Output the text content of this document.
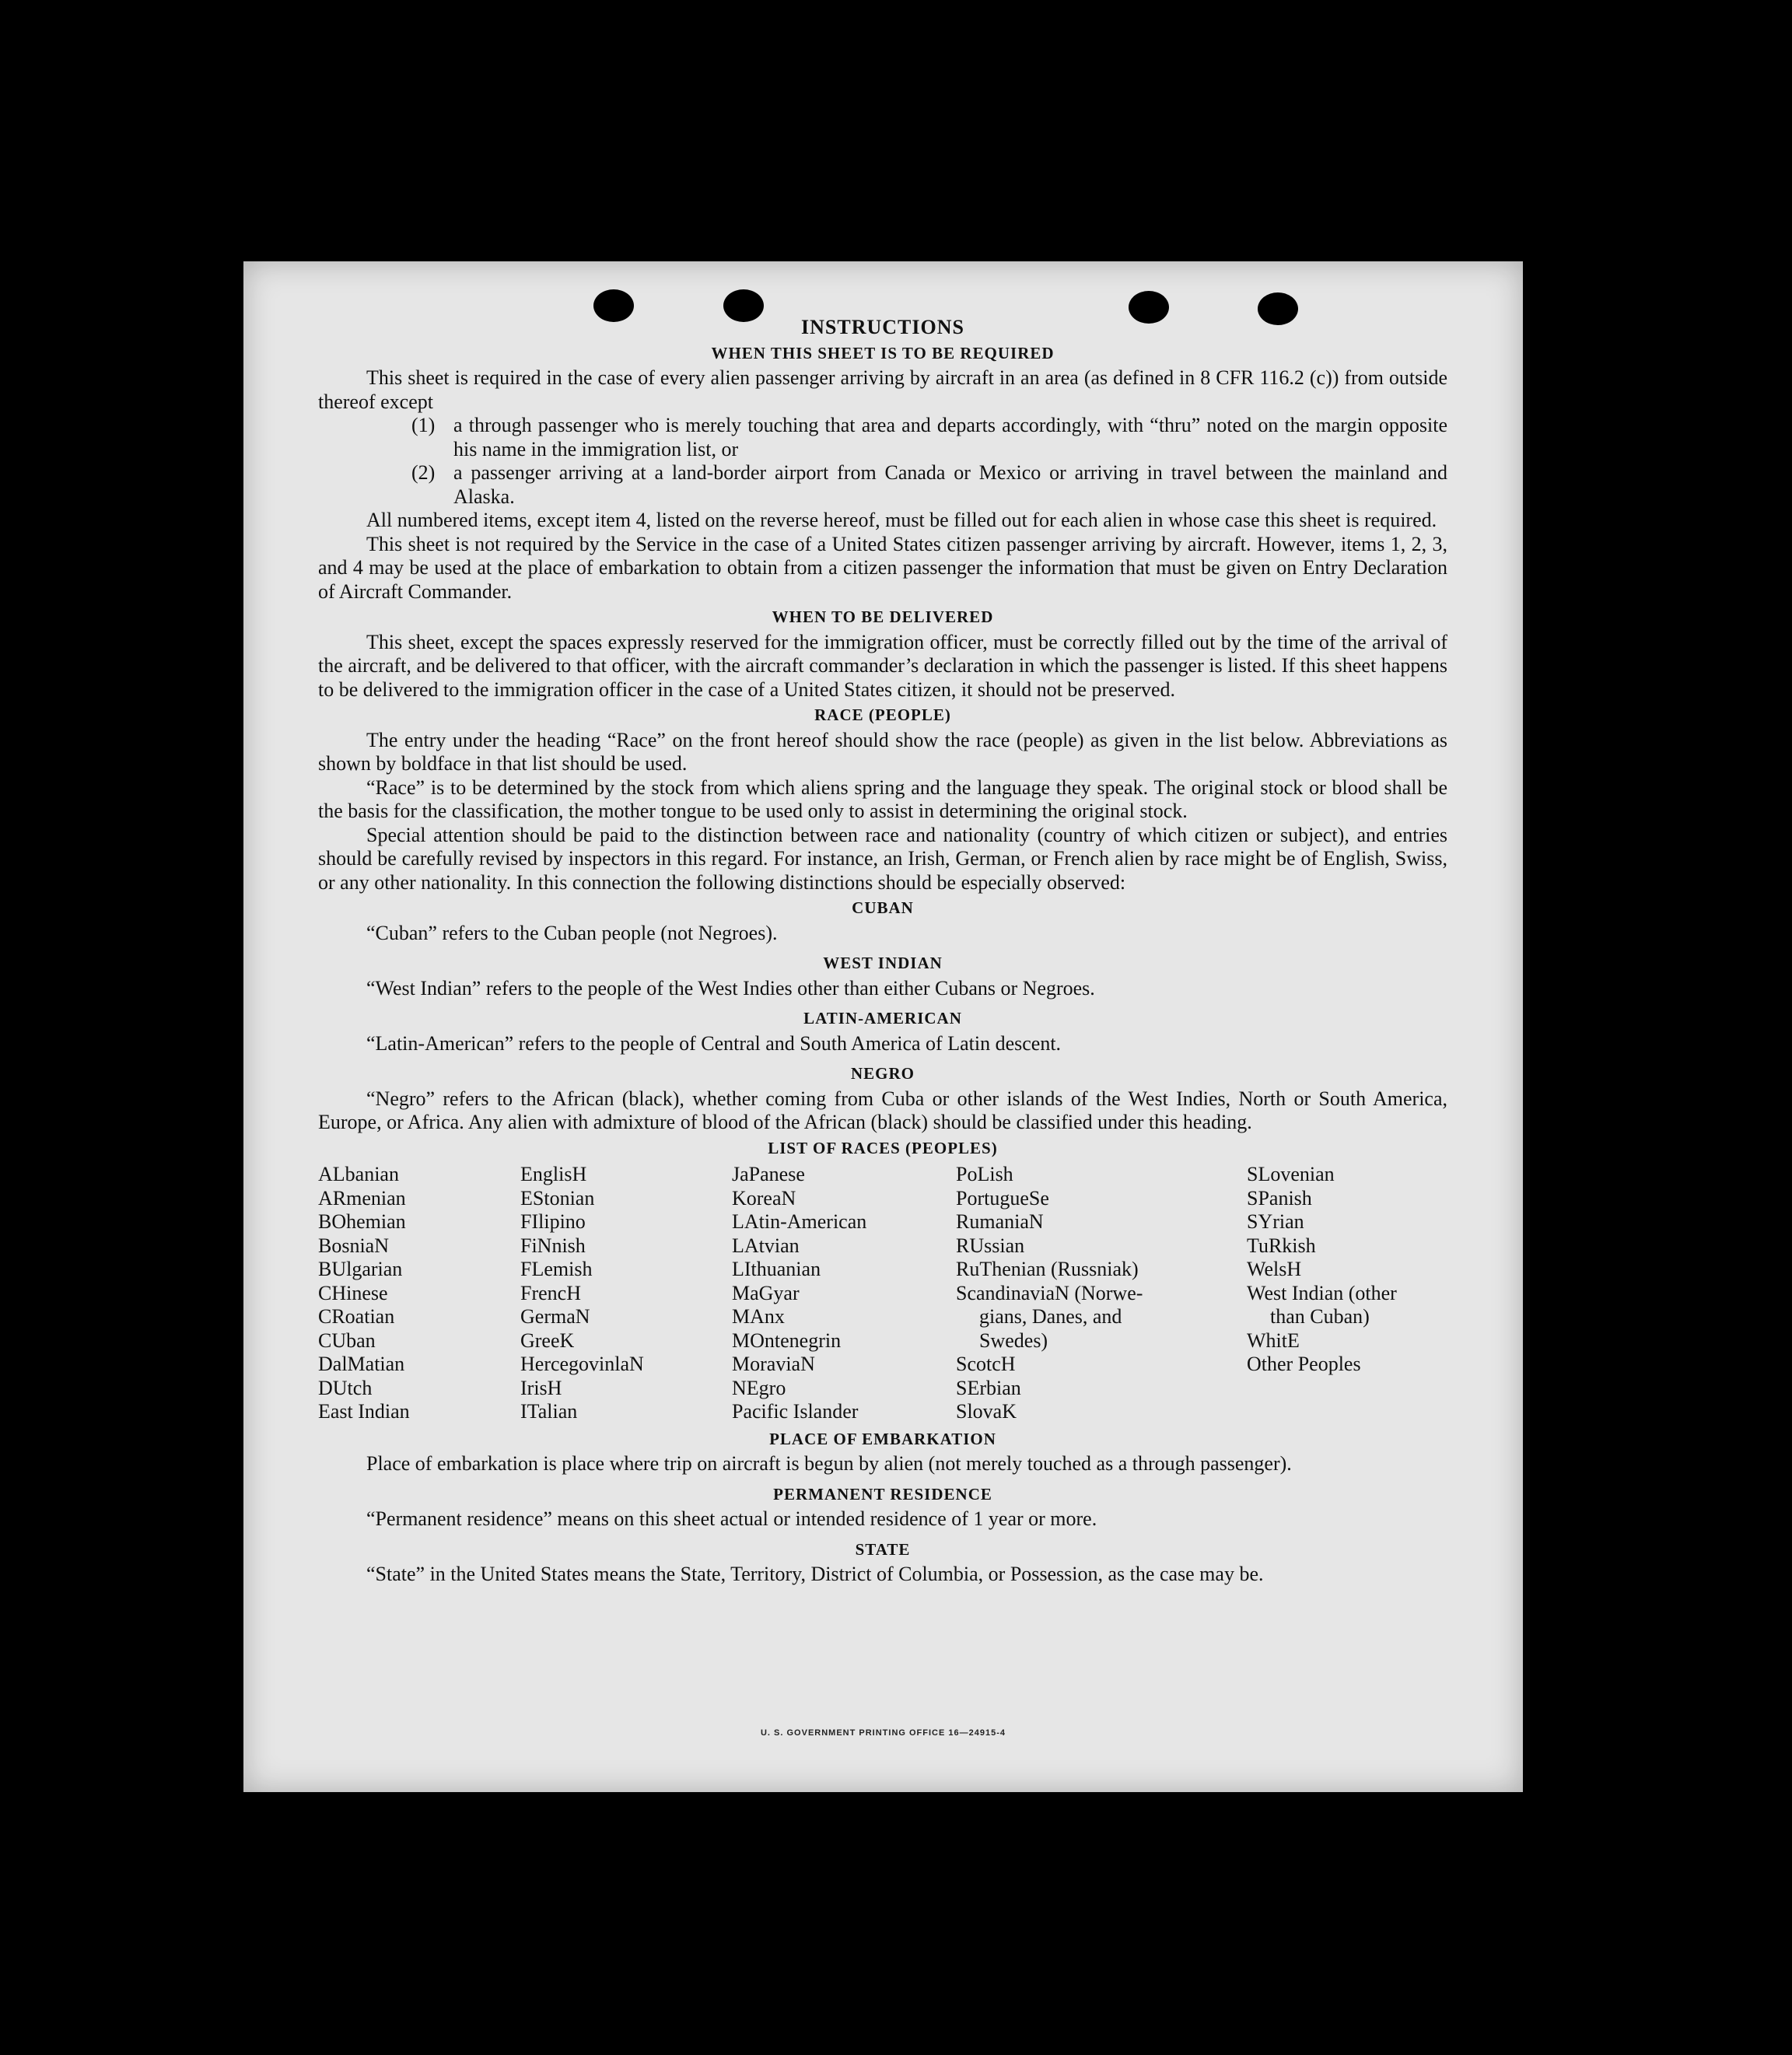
INSTRUCTIONS
WHEN THIS SHEET IS TO BE REQUIRED

This sheet is required in the case of every alien passenger arriving by aircraft in an area (as defined in 8 CFR 116.2 (c)) from outside thereof except

(1) a through passenger who is merely touching that area and departs accordingly, with “thru” noted on the margin opposite his name in the immigration list, or
(2) a passenger arriving at a land-border airport from Canada or Mexico or arriving in travel between the mainland and Alaska.

All numbered items, except item 4, listed on the reverse hereof, must be filled out for each alien in whose case this sheet is required.

This sheet is not required by the Service in the case of a United States citizen passenger arriving by aircraft. However, items 1, 2, 3, and 4 may be used at the place of embarkation to obtain from a citizen passenger the information that must be given on Entry Declaration of Aircraft Commander.

WHEN TO BE DELIVERED

This sheet, except the spaces expressly reserved for the immigration officer, must be correctly filled out by the time of the arrival of the aircraft, and be delivered to that officer, with the aircraft commander’s declaration in which the passenger is listed. If this sheet happens to be delivered to the immigration officer in the case of a United States citizen, it should not be preserved.

RACE (PEOPLE)

The entry under the heading “Race” on the front hereof should show the race (people) as given in the list below. Abbreviations as shown by boldface in that list should be used.

“Race” is to be determined by the stock from which aliens spring and the language they speak. The original stock or blood shall be the basis for the classification, the mother tongue to be used only to assist in determining the original stock.

Special attention should be paid to the distinction between race and nationality (country of which citizen or subject), and entries should be carefully revised by inspectors in this regard. For instance, an Irish, German, or French alien by race might be of English, Swiss, or any other nationality. In this connection the following distinctions should be especially observed:

CUBAN

“Cuban” refers to the Cuban people (not Negroes).

WEST INDIAN

“West Indian” refers to the people of the West Indies other than either Cubans or Negroes.

LATIN-AMERICAN

“Latin-American” refers to the people of Central and South America of Latin descent.

NEGRO

“Negro” refers to the African (black), whether coming from Cuba or other islands of the West Indies, North or South America, Europe, or Africa. Any alien with admixture of blood of the African (black) should be classified under this heading.

LIST OF RACES (PEOPLES)
ALbanian
ARmenian
BOhemian
BosniaN
BUlgarian
CHinese
CRoatian
CUban
DalMatian
DUtch
East Indian
EnglisH
EStonian
FIlipino
FiNnish
FLemish
FrencH
GermaN
GreeK
HercegovinlaN
IrisH
ITalian
JaPanese
KoreaN
LAtin-American
LAtvian
LIthuanian
MaGyar
MAnx
MOntenegrin
MoraviaN
NEgro
Pacific Islander
PoLish
PortugueSe
RumaniaN
RUssian
RuThenian (Russniak)
ScandinaviaN (Norwe-
gians, Danes, and
Swedes)
ScotcH
SErbian
SlovaK
SLovenian
SPanish
SYrian
TuRkish
WelsH
West Indian (other
than Cuban)
WhitE
Other Peoples
PLACE OF EMBARKATION

Place of embarkation is place where trip on aircraft is begun by alien (not merely touched as a through passenger).

PERMANENT RESIDENCE

“Permanent residence” means on this sheet actual or intended residence of 1 year or more.

STATE

“State” in the United States means the State, Territory, District of Columbia, or Possession, as the case may be.

U. S. GOVERNMENT PRINTING OFFICE 16—24915-4
